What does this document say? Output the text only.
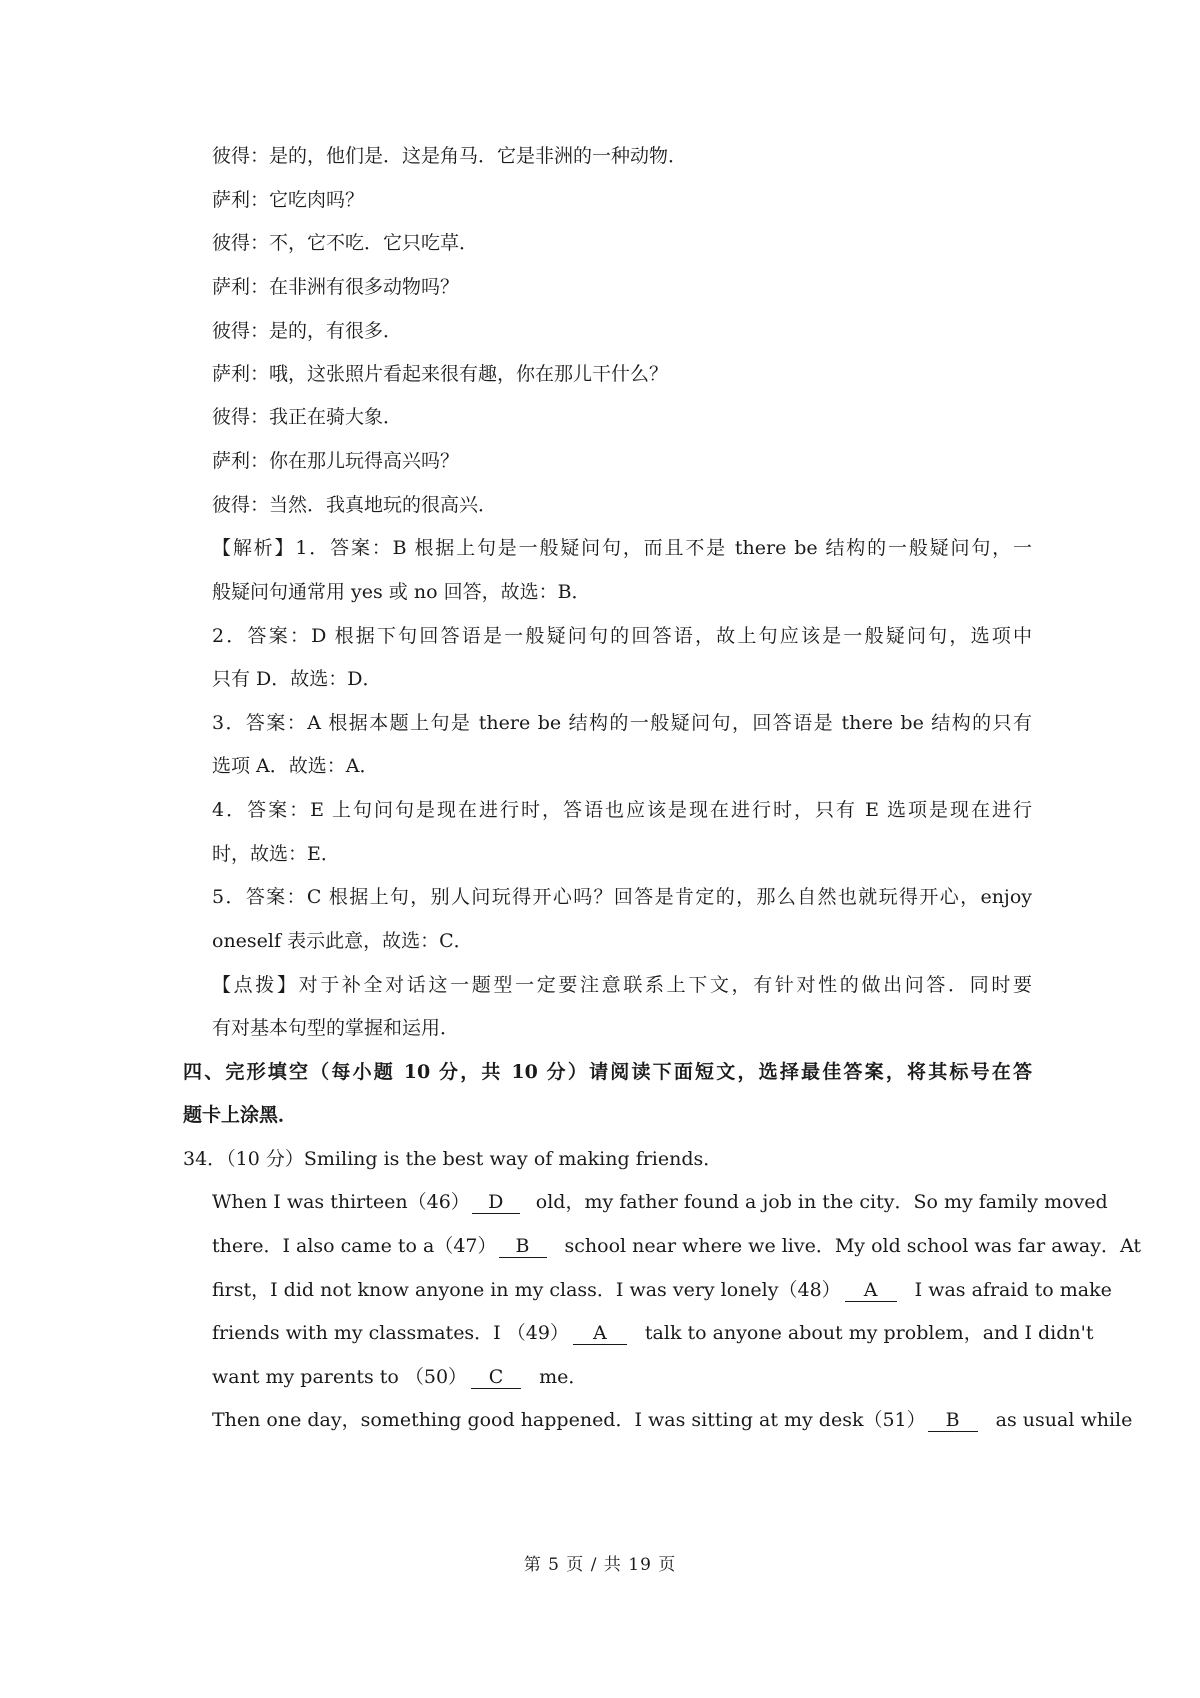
彼得：是的，他们是．这是角马．它是非洲的一种动物．
萨利：它吃肉吗？
彼得：不，它不吃．它只吃草．
萨利：在非洲有很多动物吗？
彼得：是的，有很多．
萨利：哦，这张照片看起来很有趣，你在那儿干什么？
彼得：我正在骑大象．
萨利：你在那儿玩得高兴吗？
彼得：当然．我真地玩的很高兴．
【解析】1．答案：B 根据上句是一般疑问句，而且不是 there be 结构的一般疑问句，一
般疑问句通常用 yes 或 no 回答，故选：B．
2．答案：D 根据下句回答语是一般疑问句的回答语，故上句应该是一般疑问句，选项中
只有 D．故选：D．
3．答案：A 根据本题上句是 there be 结构的一般疑问句，回答语是 there be 结构的只有
选项 A．故选：A．
4．答案：E 上句问句是现在进行时，答语也应该是现在进行时，只有 E 选项是现在进行
时，故选：E．
5．答案：C 根据上句，别人问玩得开心吗？回答是肯定的，那么自然也就玩得开心，enjoy
oneself 表示此意，故选：C．
【点拨】对于补全对话这一题型一定要注意联系上下文，有针对性的做出问答．同时要
有对基本句型的掌握和运用．
四、完形填空（每小题 10 分，共 10 分）请阅读下面短文，选择最佳答案，将其标号在答
题卡上涂黑．
34．（10 分）Smiling is the best way of making friends．
When I was thirteen（46） D old，my father found a job in the city．So my family moved
there．I also came to a（47） B school near where we live．My old school was far away．At
first，I did not know anyone in my class．I was very lonely（48） A I was afraid to make
friends with my classmates．I （49） A talk to anyone about my problem，and I didn't
want my parents to （50） C me．
Then one day，something good happened．I was sitting at my desk（51） B as usual while
第 5 页 / 共 19 页
